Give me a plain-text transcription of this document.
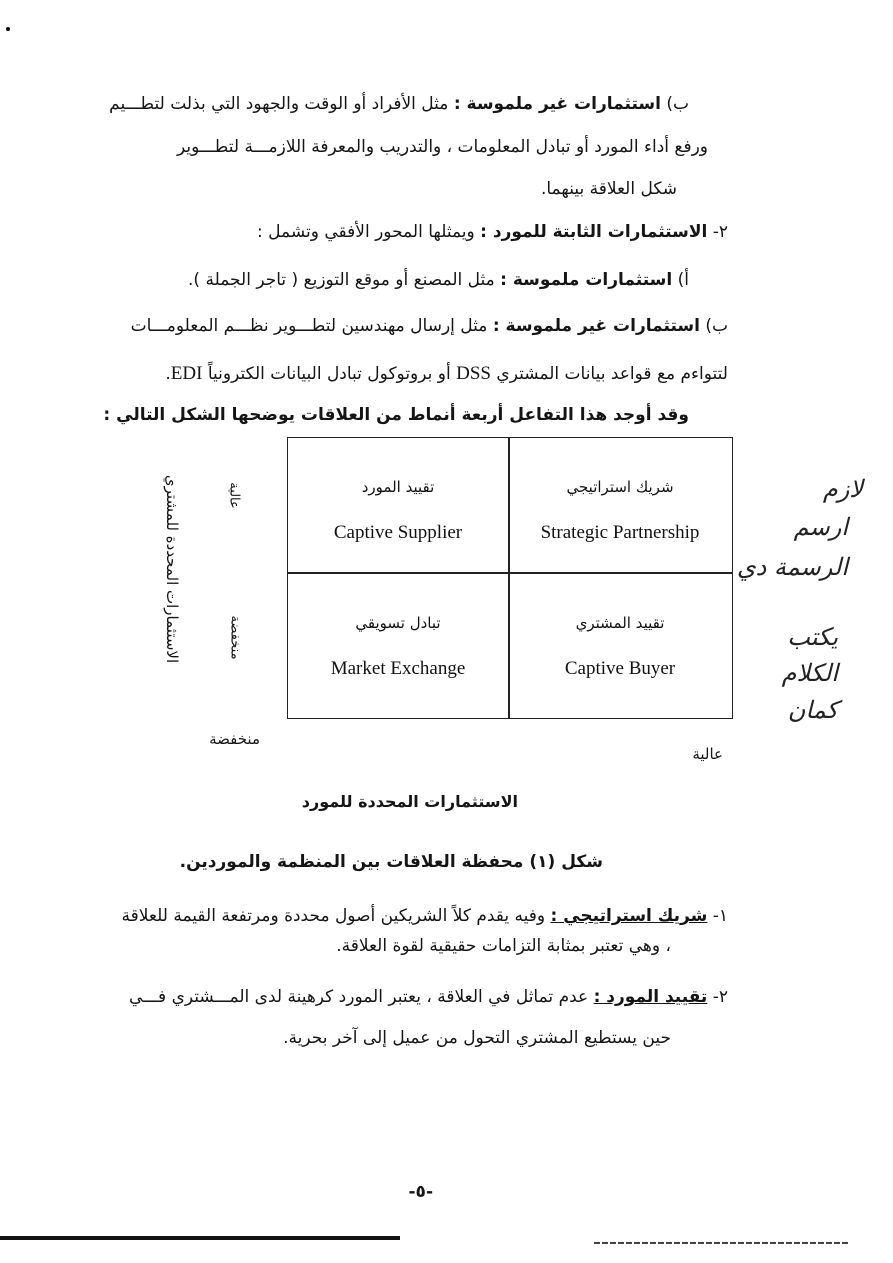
ب) استثمارات غير ملموسة : مثل الأفراد أو الوقت والجهود التي بذلت لتطـــيم
ورفع أداء المورد أو تبادل المعلومات ، والتدريب والمعرفة اللازمـــة لتطـــوير
شكل العلاقة بينهما.
٢- الاستثمارات الثابتة للمورد : ويمثلها المحور الأفقي وتشمل :
أ) استثمارات ملموسة : مثل المصنع أو موقع التوزيع ( تاجر الجملة ).
ب) استثمارات غير ملموسة : مثل إرسال مهندسين لتطـــوير نظـــم المعلومـــات
لتتواءم مع قواعد بيانات المشتري DSS أو بروتوكول تبادل البيانات الكترونياً EDI.
وقد أوجد هذا التفاعل أربعة أنماط من العلاقات يوضحها الشكل التالي :
تقييد المورد
Captive Supplier
شريك استراتيجي
Strategic Partnership
تبادل تسويقي
Market Exchange
تقييد المشتري
Captive Buyer
الاستثمارات المحددة للمشتري	عالية
منخفضة
منخفضة
عالية
الاستثمارات المحددة للمورد
لازم
ارسم
الرسمة دي
يكتب
الكلام
كمان
شكل (١) محفظة العلاقات بين المنظمة والموردين.
١- شريك استراتيجي : وفيه يقدم كلاً الشريكين أصول محددة ومرتفعة القيمة للعلاقة
، وهي تعتبر بمثابة التزامات حقيقية لقوة العلاقة.
٢- تقييد المورد : عدم تماثل في العلاقة ، يعتبر المورد كرهينة لدى المـــشتري فـــي
حين يستطيع المشتري التحول من عميل إلى آخر بحرية.
-٥-
